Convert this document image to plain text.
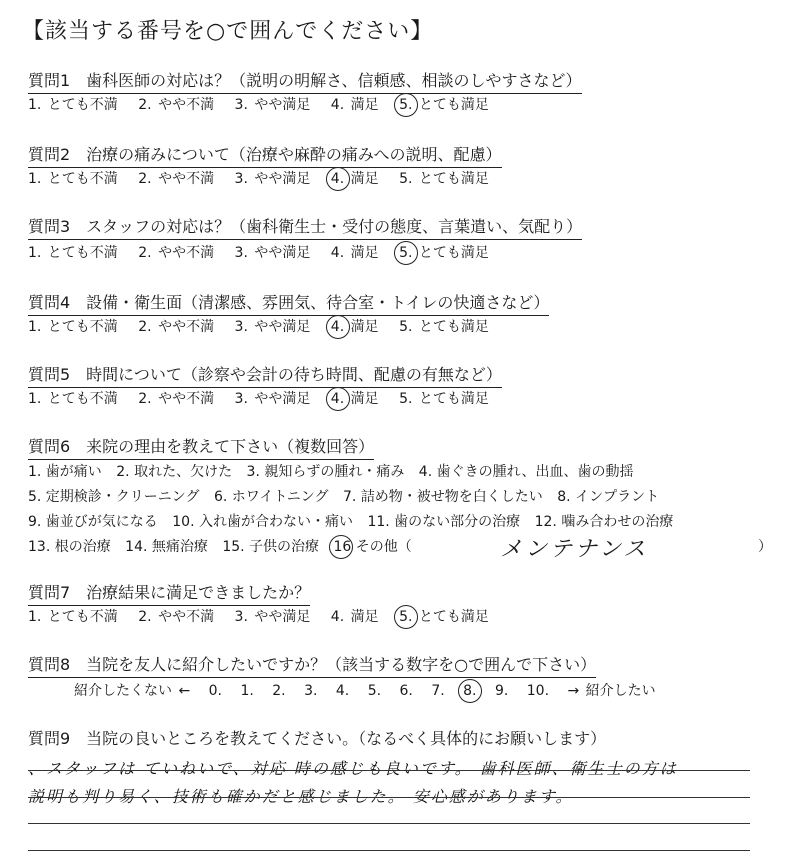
【該当する番号を○で囲んでください】
質問1　歯科医師の対応は？（説明の明解さ、信頼感、相談のしやすさなど）
1. とても不満 2. やや不満 3. やや満足 4. 満足 5. とても満足
質問2　治療の痛みについて（治療や麻酔の痛みへの説明、配慮）
1. とても不満 2. やや不満 3. やや満足 4. 満足 5. とても満足
質問3　スタッフの対応は？（歯科衛生士・受付の態度、言葉遣い、気配り）
1. とても不満 2. やや不満 3. やや満足 4. 満足 5. とても満足
質問4　設備・衛生面（清潔感、雰囲気、待合室・トイレの快適さなど）
1. とても不満 2. やや不満 3. やや満足 4. 満足 5. とても満足
質問5　時間について（診察や会計の待ち時間、配慮の有無など）
1. とても不満 2. やや不満 3. やや満足 4. 満足 5. とても満足
質問6　来院の理由を教えて下さい（複数回答）
1. 歯が痛い 2. 取れた、欠けた 3. 親知らずの腫れ・痛み 4. 歯ぐきの腫れ、出血、歯の動揺
5. 定期検診・クリーニング 6. ホワイトニング 7. 詰め物・被せ物を白くしたい 8. インプラント
9. 歯並びが気になる 10. 入れ歯が合わない・痛い 11. 歯のない部分の治療 12. 噛み合わせの治療
13. 根の治療 14. 無痛治療 15. 子供の治療 16 その他（	メンテナンス	）
質問7　治療結果に満足できましたか？
1. とても不満 2. やや不満 3. やや満足 4. 満足 5. とても満足
質問8　当院を友人に紹介したいですか？（該当する数字を○で囲んで下さい）
紹介したくない ← 0. 1. 2. 3. 4. 5. 6. 7. 8. 9. 10. → 紹介したい
質問9　当院の良いところを教えてください。（なるべく具体的にお願いします）
、スタッフは ていねいで、対応 時の感じも良いです。 歯科医師、衛生士の方は
説明も判り易く、技術も確かだと感じました。 安心感があります。
